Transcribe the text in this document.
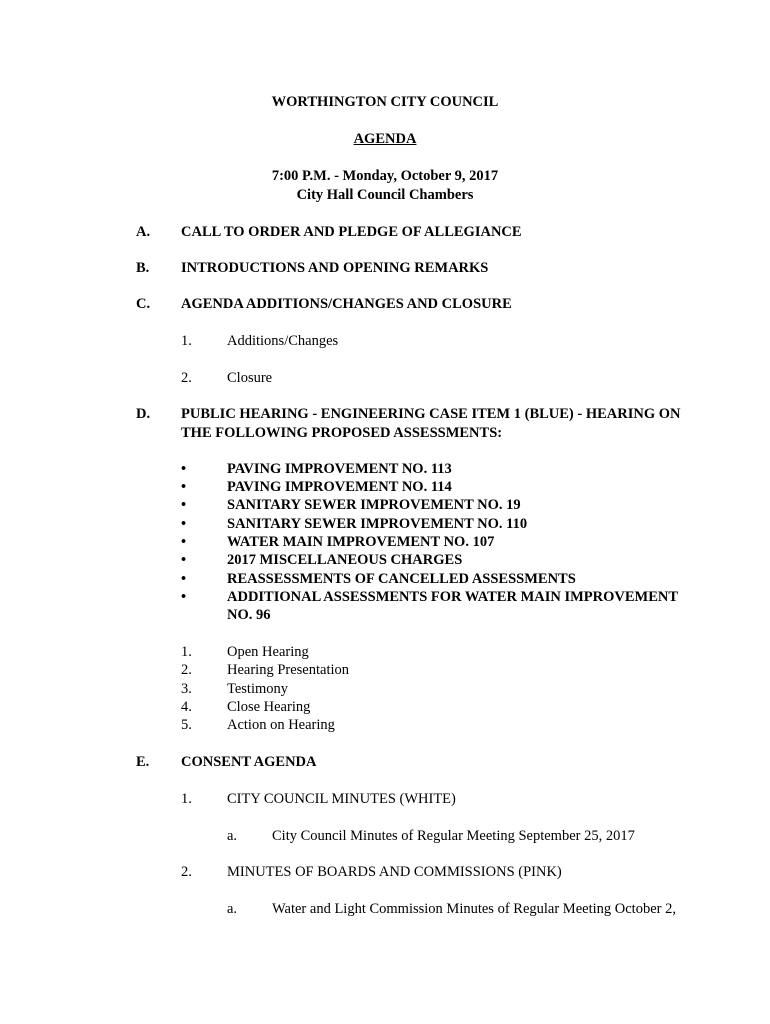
WORTHINGTON CITY COUNCIL
AGENDA
7:00 P.M. - Monday, October 9, 2017
City Hall Council Chambers
A. CALL TO ORDER AND PLEDGE OF ALLEGIANCE
B. INTRODUCTIONS AND OPENING REMARKS
C. AGENDA ADDITIONS/CHANGES AND CLOSURE
1. Additions/Changes
2. Closure
D. PUBLIC HEARING - ENGINEERING CASE ITEM 1 (BLUE) - HEARING ON
THE FOLLOWING PROPOSED ASSESSMENTS:
•	PAVING IMPROVEMENT NO. 113
•	PAVING IMPROVEMENT NO. 114
•	SANITARY SEWER IMPROVEMENT NO. 19
•	SANITARY SEWER IMPROVEMENT NO. 110
•	WATER MAIN IMPROVEMENT NO. 107
•	2017 MISCELLANEOUS CHARGES
•	REASSESSMENTS OF CANCELLED ASSESSMENTS
•	ADDITIONAL ASSESSMENTS FOR WATER MAIN IMPROVEMENT
NO. 96
1. Open Hearing
2. Hearing Presentation
3. Testimony
4. Close Hearing
5. Action on Hearing
E. CONSENT AGENDA
1. CITY COUNCIL MINUTES (WHITE)
a. City Council Minutes of Regular Meeting September 25, 2017
2. MINUTES OF BOARDS AND COMMISSIONS (PINK)
a. Water and Light Commission Minutes of Regular Meeting October 2,
